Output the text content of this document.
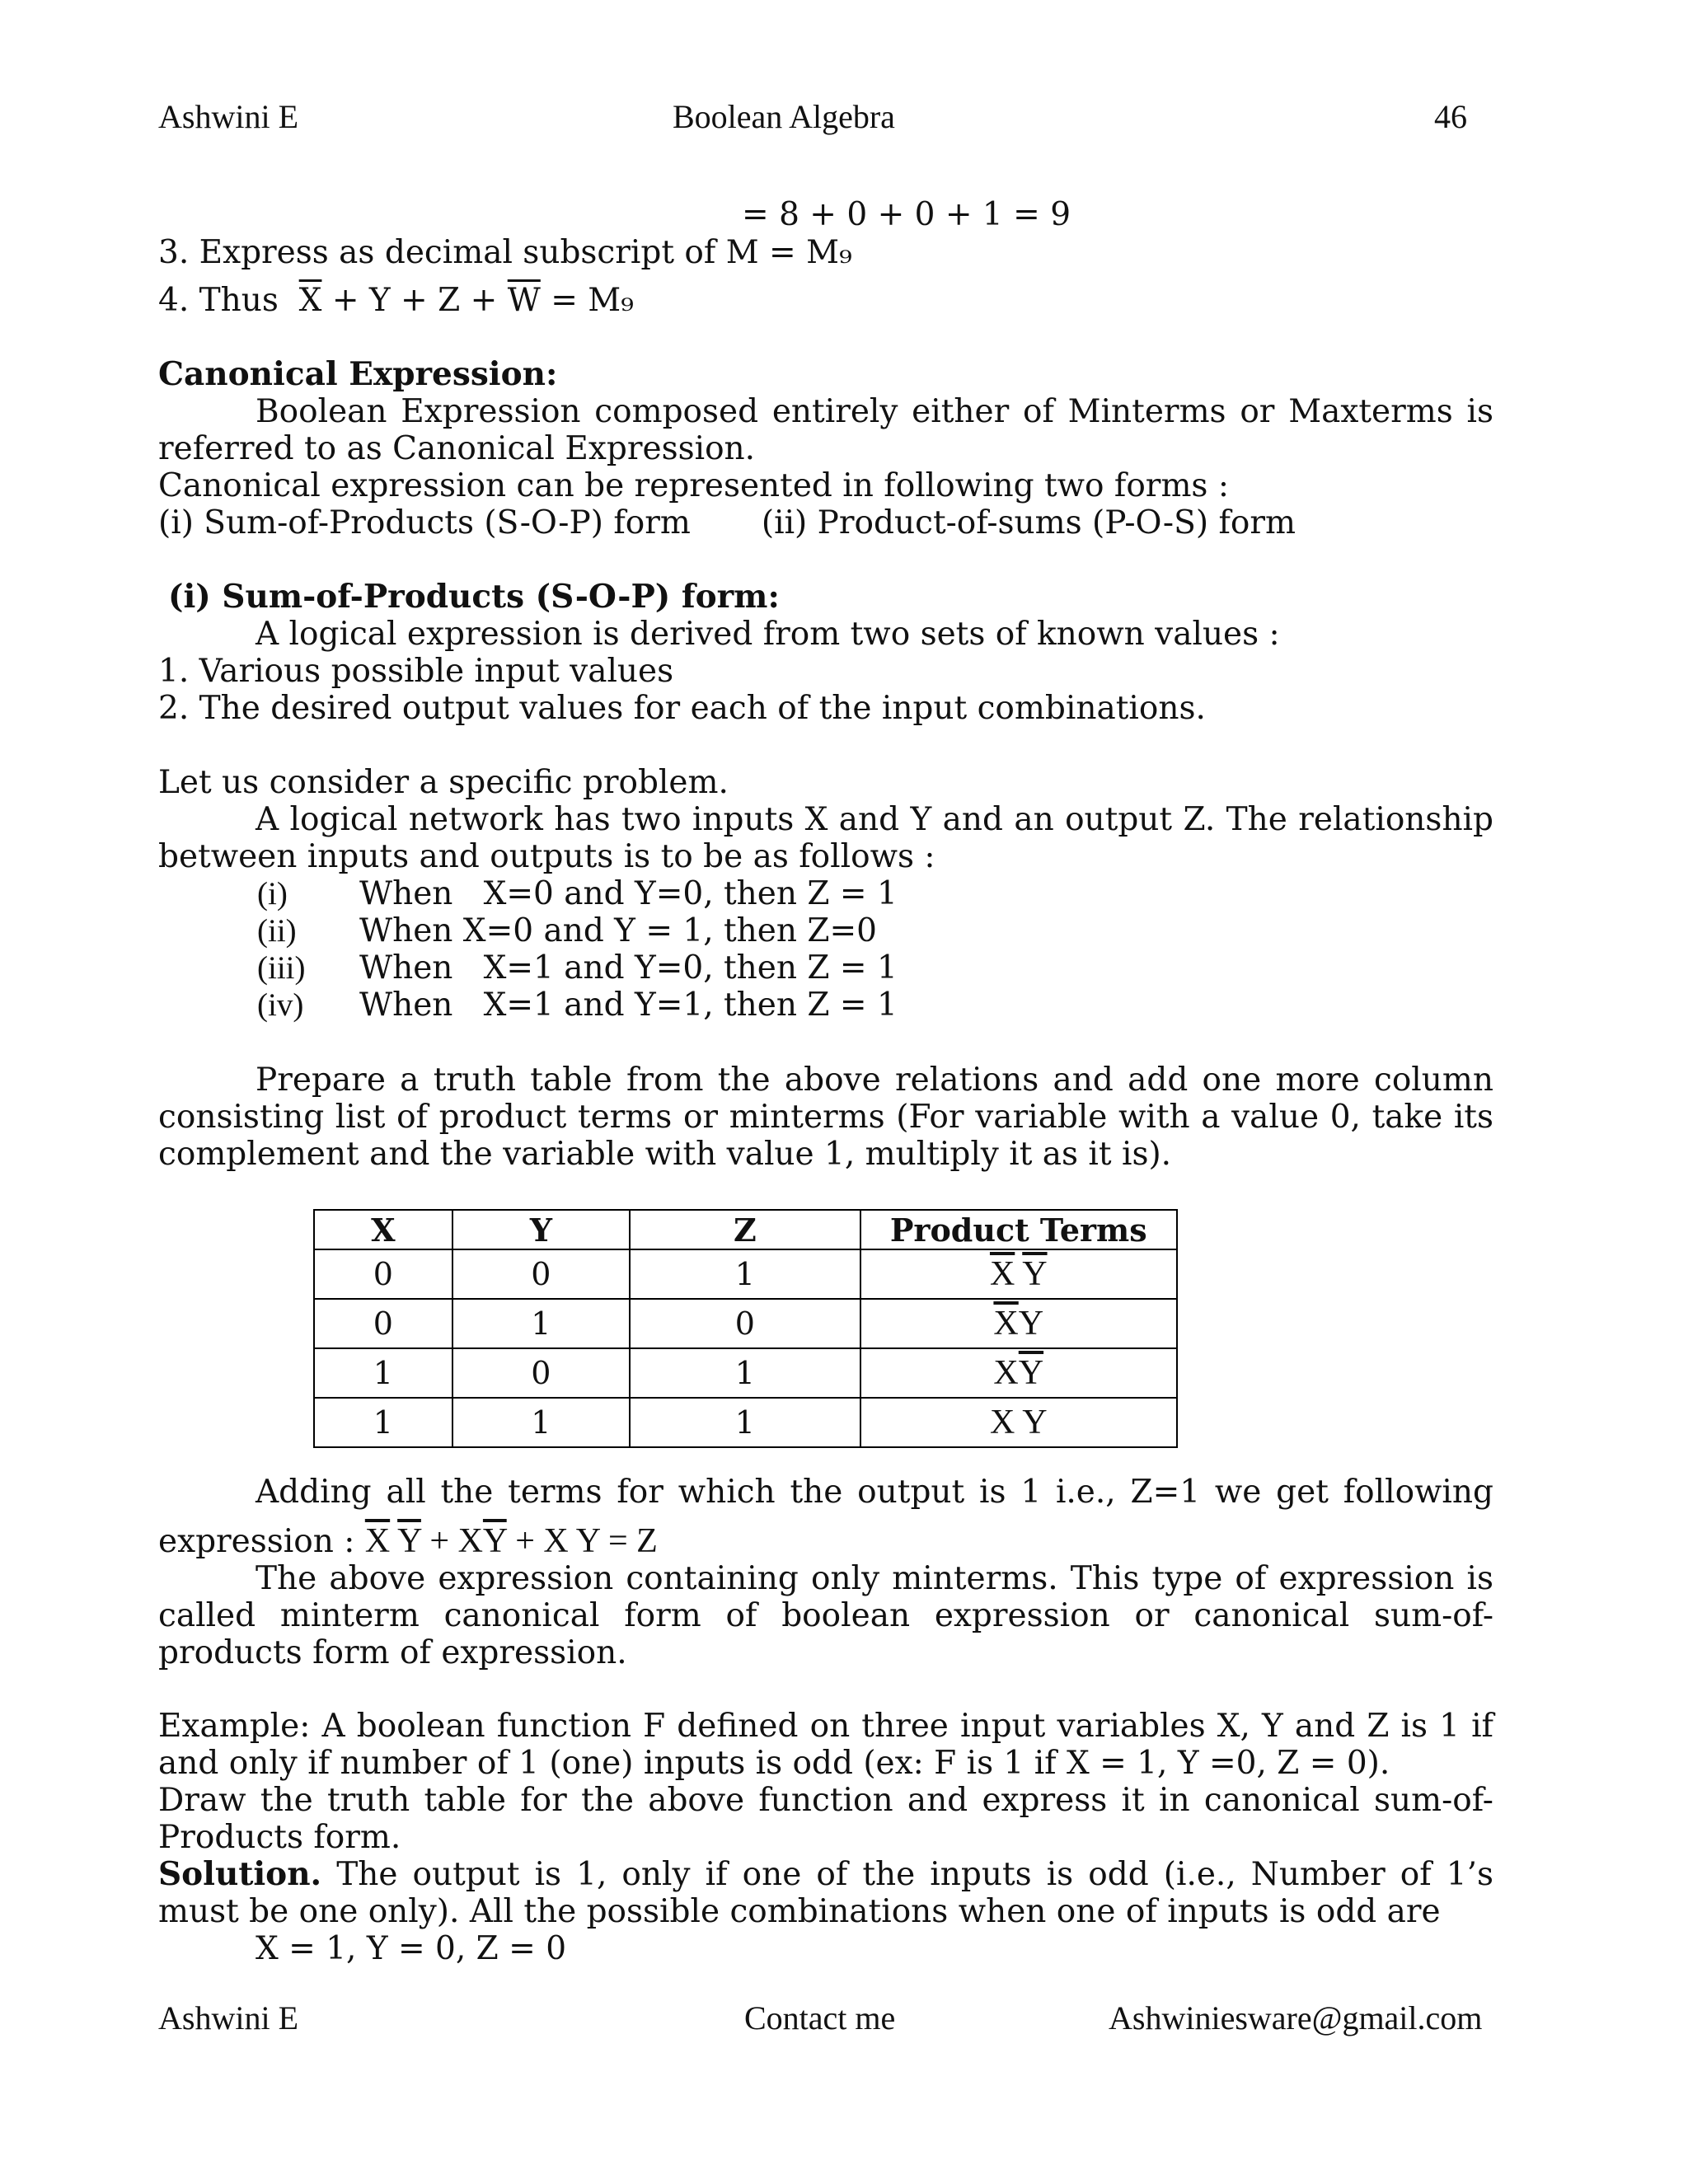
Ashwini E	Boolean Algebra	46
= 8 + 0 + 0 + 1 = 9
3. Express as decimal subscript of M = M₉
4. Thus $\overline{X} + Y + Z + \overline{W} = M_9$

Canonical Expression:

Boolean Expression composed entirely either of Minterms or Maxterms is referred to as Canonical Expression.

Canonical expression can be represented in following two forms :

(i) Sum-of-Products (S-O-P) form (ii) Product-of-sums (P-O-S) form

(i) Sum-of-Products (S-O-P) form:

A logical expression is derived from two sets of known values :

1. Various possible input values

2. The desired output values for each of the input combinations.

Let us consider a specific problem.

A logical network has two inputs X and Y and an output Z. The relationship between inputs and outputs is to be as follows :

(i)	When   X=0 and Y=0, then Z = 1
(ii)	When X=0 and Y = 1, then Z=0
(iii)	When   X=1 and Y=0, then Z = 1
(iv)	When   X=1 and Y=1, then Z = 1

Prepare a truth table from the above relations and add one more column consisting list of product terms or minterms (For variable with a value 0, take its complement and the variable with value 1, multiply it as it is).

X	Y	Z	Product Terms
0	0	1	$\overline{X}$ $\overline{Y}$
0	1	0	$\overline{X}Y$
1	0	1	$X\overline{Y}$
1	1	1	X Y

Adding all the terms for which the output is 1 i.e., Z=1 we get following

expression : $\overline{X}$ $\overline{Y} + X\overline{Y} + X$ Y = Z

The above expression containing only minterms. This type of expression is called minterm canonical form of boolean expression or canonical sum-of-products form of expression.

Example: A boolean function F defined on three input variables X, Y and Z is 1 if and only if number of 1 (one) inputs is odd (ex: F is 1 if X = 1, Y =0, Z = 0).

Draw the truth table for the above function and express it in canonical sum-of-Products form.

Solution. The output is 1, only if one of the inputs is odd (i.e., Number of 1’s must be one only). All the possible combinations when one of inputs is odd are

X = 1, Y = 0, Z = 0

Ashwini E	Contact me	Ashwiniesware@gmail.com
